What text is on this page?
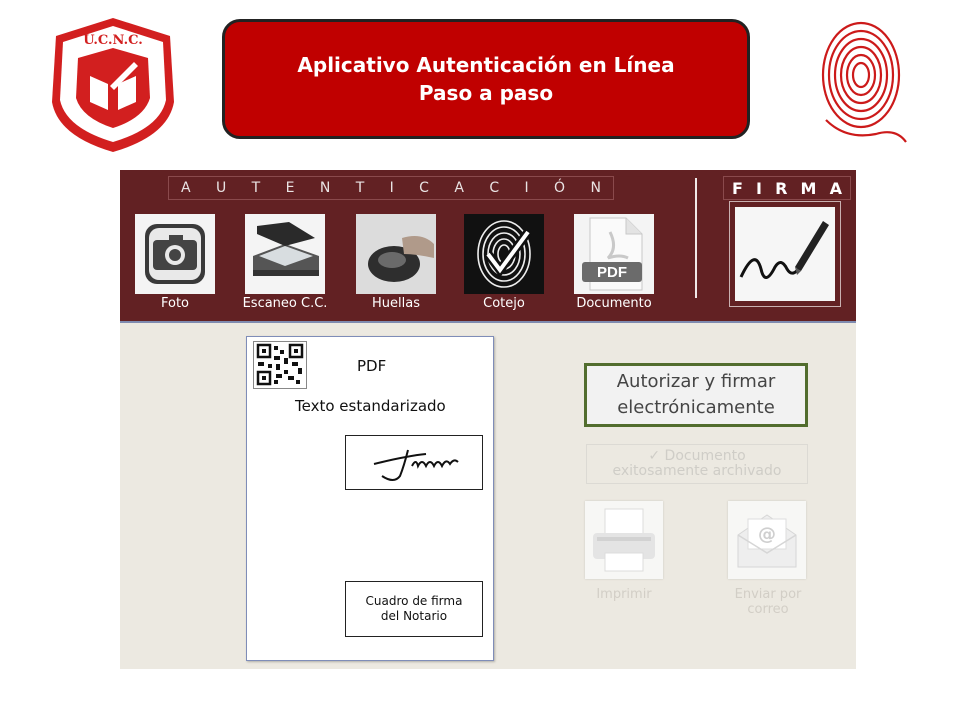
U.C.N.C.
Aplicativo Autenticación en Línea
Paso a paso
A U T E N T I C A C I Ó N
Foto	Escaneo C.C.	Huellas	Cotejo
PDF
Documento
F I R M A
PDF
Texto estandarizado
Cuadro de firma
del Notario
Autorizar y firmar
electrónicamente
✓ Documento
exitosamente archivado
Imprimir
@
Enviar por
correo
